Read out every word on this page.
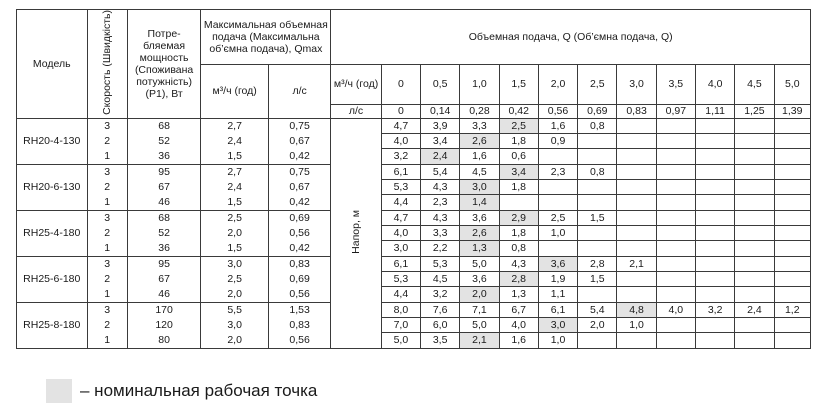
Модель	Скорость (Швидкість)	Потре-бляемая мощность (Споживана потужність) (P1), Вт	Максимальная объемная подача (Максимальна об’ємна подача), Qmax		Объемная подача, Q (Об’ємна подача, Q)											
			м³/ч (год)	л/с	м³/ч (год)	0	0,5	1,0	1,5	2,0	2,5	3,0	3,5	4,0	4,5	5,0
					л/с	0	0,14	0,28	0,42	0,56	0,69	0,83	0,97	1,11	1,25	1,39
RH20-4-130	3	68	2,7	0,75	Напор, м	4,7	3,9	3,3	2,5	1,6	0,8					
	2	52	2,4	0,67		4,0	3,4	2,6	1,8	0,9						
	1	36	1,5	0,42		3,2	2,4	1,6	0,6							
RH20-6-130	3	95	2,7	0,75		6,1	5,4	4,5	3,4	2,3	0,8					
	2	67	2,4	0,67		5,3	4,3	3,0	1,8							
	1	46	1,5	0,42		4,4	2,3	1,4								
RH25-4-180	3	68	2,5	0,69		4,7	4,3	3,6	2,9	2,5	1,5					
	2	52	2,0	0,56		4,0	3,3	2,6	1,8	1,0						
	1	36	1,5	0,42		3,0	2,2	1,3	0,8							
RH25-6-180	3	95	3,0	0,83		6,1	5,3	5,0	4,3	3,6	2,8	2,1				
	2	67	2,5	0,69		5,3	4,5	3,6	2,8	1,9	1,5					
	1	46	2,0	0,56		4,4	3,2	2,0	1,3	1,1						
RH25-8-180	3	170	5,5	1,53		8,0	7,6	7,1	6,7	6,1	5,4	4,8	4,0	3,2	2,4	1,2
	2	120	3,0	0,83		7,0	6,0	5,0	4,0	3,0	2,0	1,0				
	1	80	2,0	0,56		5,0	3,5	2,1	1,6	1,0						
– номинальная рабочая точка
